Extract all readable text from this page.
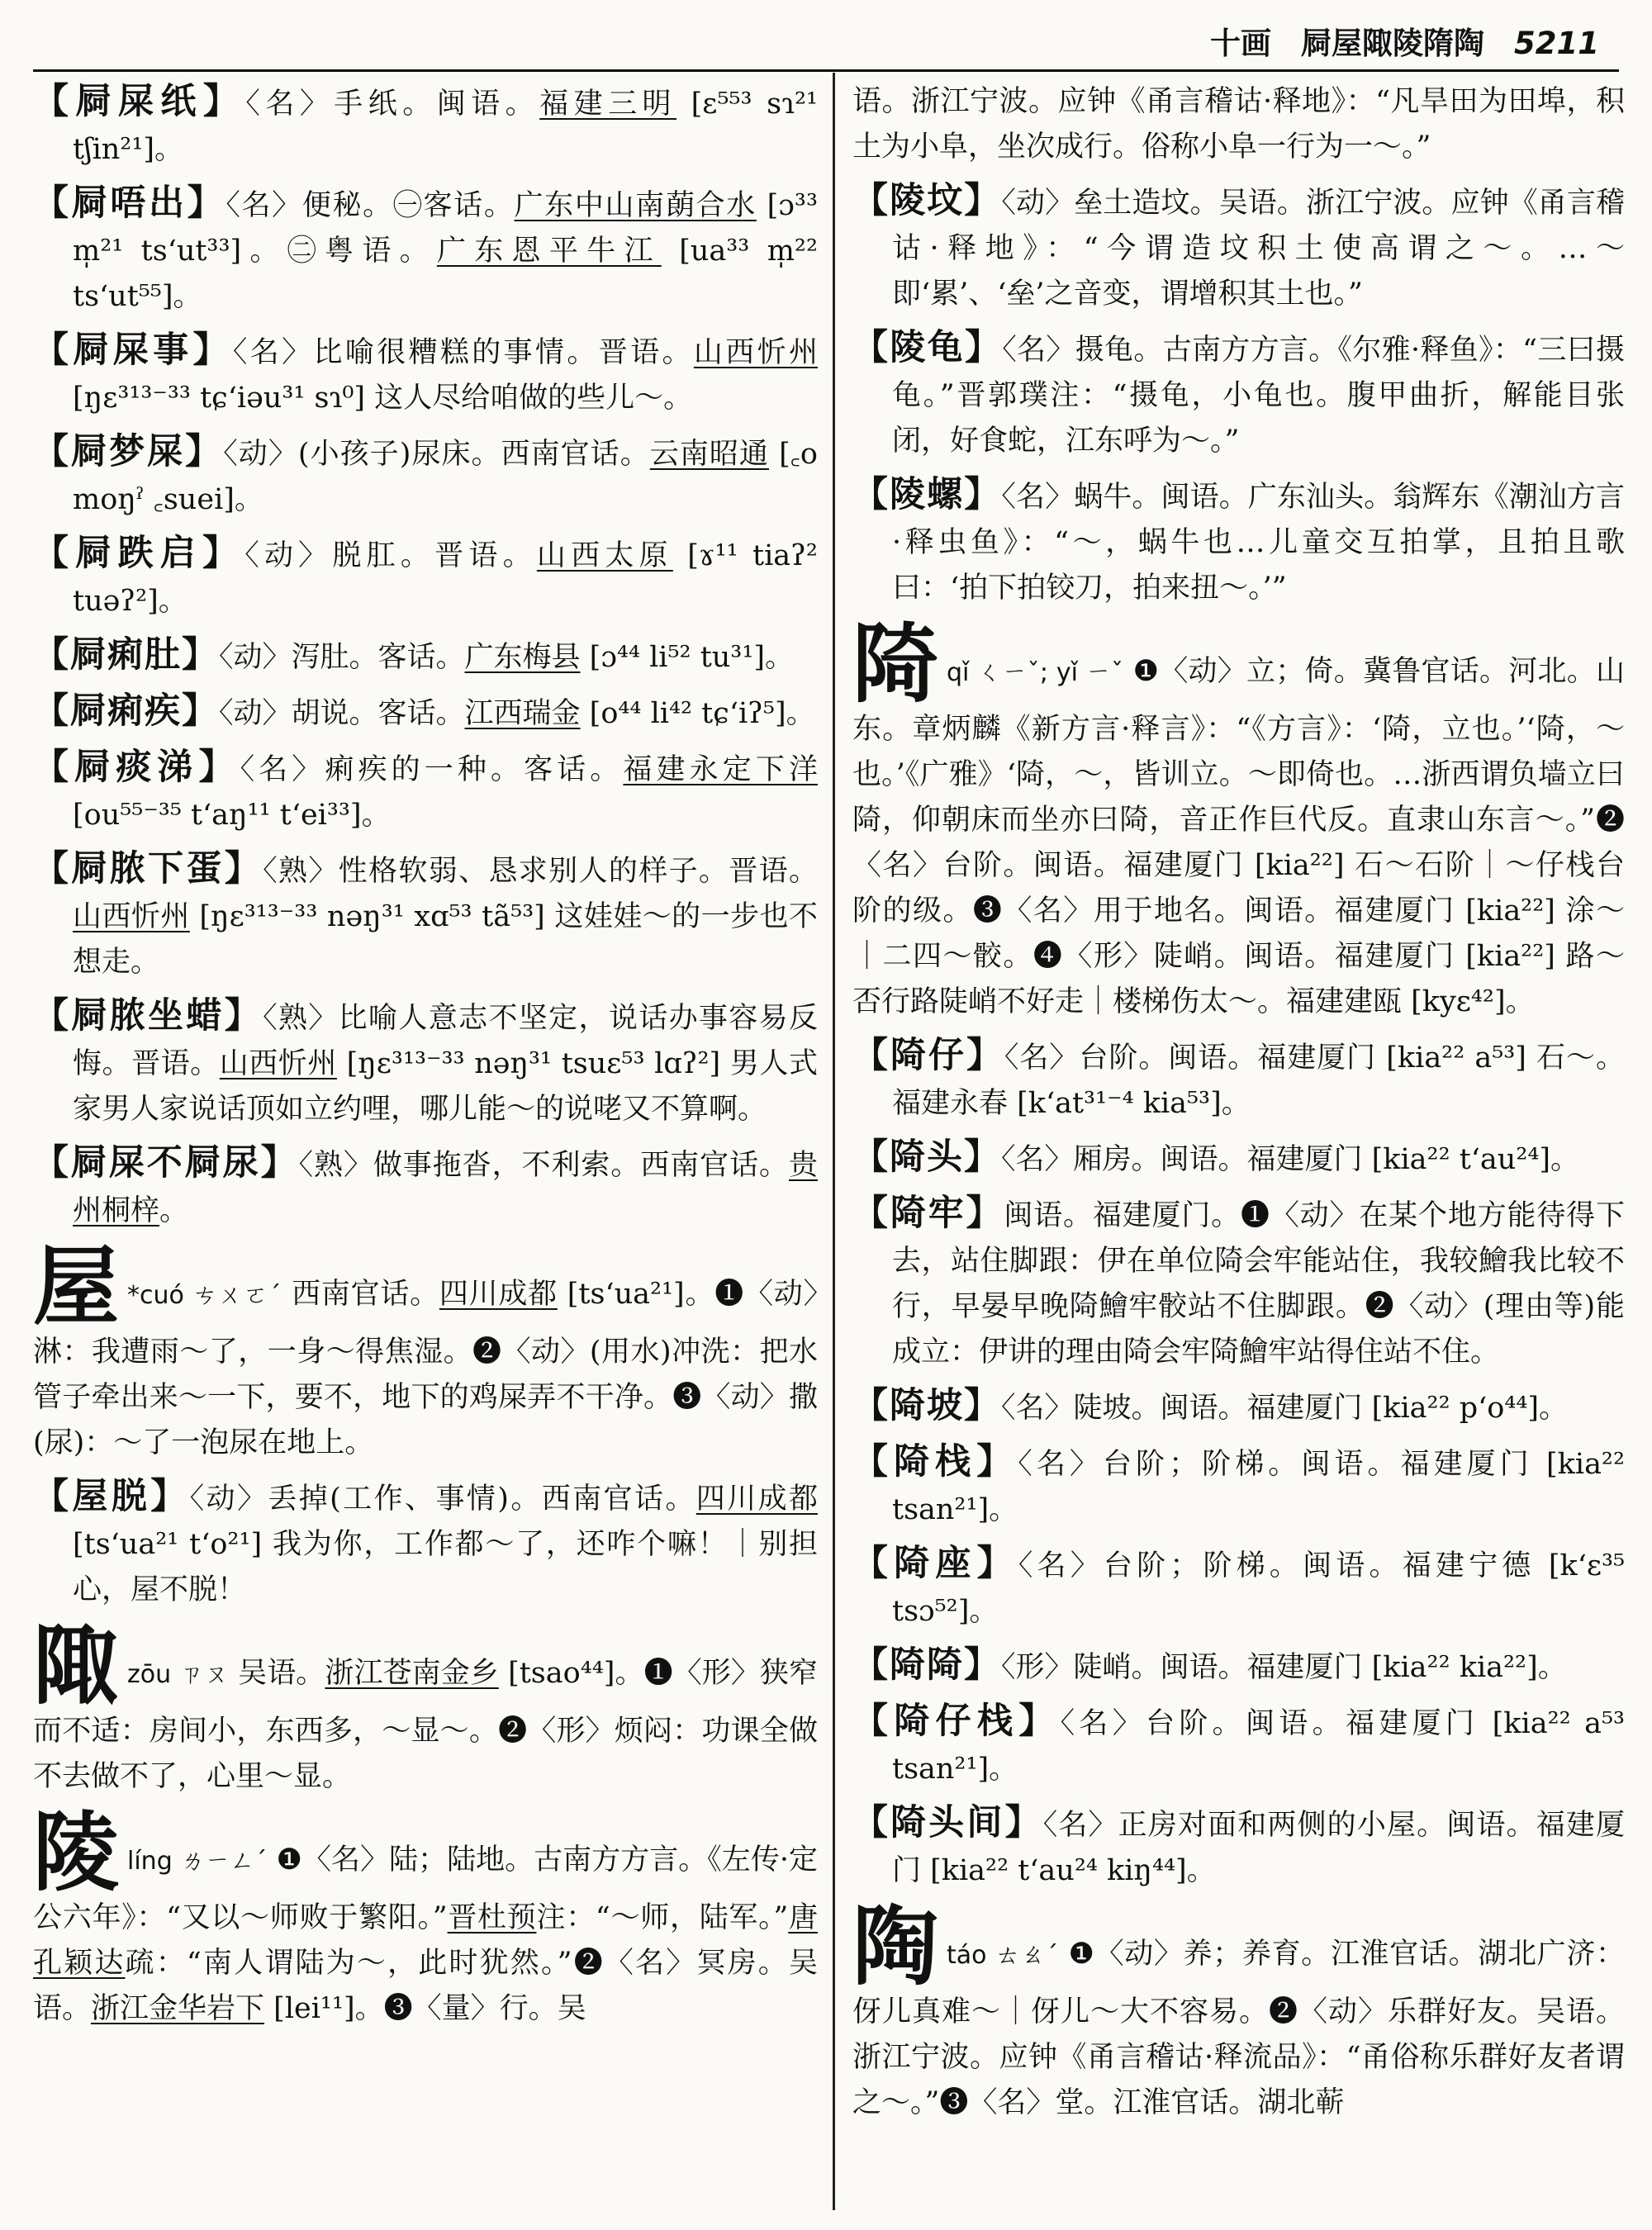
十画 屙屋陬陵隋陶 5211
【屙屎纸】〈名〉手纸。闽语。福建三明 [ɛ⁵⁵³ sɿ²¹ tʃin²¹]。
【屙唔出】〈名〉便秘。㊀客话。广东中山南蓢合水 [ɔ³³ m̩²¹ tsʻut³³]。㊁粤语。广东恩平牛江 [ua³³ m̩²² tsʻut⁵⁵]。
【屙屎事】〈名〉比喻很糟糕的事情。晋语。山西忻州 [ŋɛ³¹³⁻³³ tɕʻiəu³¹ sɿ⁰] 这人尽给咱做的些儿～。
【屙梦屎】〈动〉(小孩子)尿床。西南官话。云南昭通 [꜀o moŋˀ ꜀suei]。
【屙跌启】〈动〉脱肛。晋语。山西太原 [ɤ¹¹ tiaʔ² tuəʔ²]。
【屙痢肚】〈动〉泻肚。客话。广东梅县 [ɔ⁴⁴ li⁵² tu³¹]。
【屙痢疾】〈动〉胡说。客话。江西瑞金 [o⁴⁴ li⁴² tɕʻiʔ⁵]。
【屙痰涕】〈名〉痢疾的一种。客话。福建永定下洋 [ou⁵⁵⁻³⁵ tʻaŋ¹¹ tʻei³³]。
【屙脓下蛋】〈熟〉性格软弱、恳求别人的样子。晋语。山西忻州 [ŋɛ³¹³⁻³³ nəŋ³¹ xɑ⁵³ tã⁵³] 这娃娃～的一步也不想走。
【屙脓坐蜡】〈熟〉比喻人意志不坚定，说话办事容易反悔。晋语。山西忻州 [ŋɛ³¹³⁻³³ nəŋ³¹ tsuɛ⁵³ lɑʔ²] 男人式家男人家说话顶如立约哩，哪儿能～的说咾又不算啊。
【屙屎不屙尿】〈熟〉做事拖沓，不利索。西南官话。贵州桐梓。
屋 *cuó ㄘㄨㄛˊ 西南官话。四川成都 [tsʻua²¹]。❶〈动〉淋：我遭雨～了，一身～得焦湿。❷〈动〉(用水)冲洗：把水管子牵出来～一下，要不，地下的鸡屎弄不干净。❸〈动〉撒(尿)：～了一泡尿在地上。
【屋脱】〈动〉丢掉(工作、事情)。西南官话。四川成都 [tsʻua²¹ tʻo²¹] 我为你，工作都～了，还咋个嘛！｜别担心，屋不脱！
陬zōu ㄗㄡ 吴语。浙江苍南金乡 [tsao⁴⁴]。❶〈形〉狭窄而不适：房间小，东西多，～显～。❷〈形〉烦闷：功课全做不去做不了，心里～显。
陵líng ㄌㄧㄥˊ ❶〈名〉陆；陆地。古南方方言。《左传·定公六年》：“又以～师败于繁阳。”晋杜预注：“～师，陆军。”唐孔颖达疏：“南人谓陆为～，此时犹然。”❷〈名〉冥房。吴语。浙江金华岩下 [lei¹¹]。❸〈量〉行。吴
语。浙江宁波。应钟《甬言稽诂·释地》：“凡旱田为田埠，积土为小阜，坐次成行。俗称小阜一行为一～。”
【陵坟】〈动〉垒土造坟。吴语。浙江宁波。应钟《甬言稽诂·释地》：“今谓造坟积土使高谓之～。…～即‘累’、‘垒’之音变，谓增积其土也。”
【陵龟】〈名〉摄龟。古南方方言。《尔雅·释鱼》：“三曰摄龟。”晋郭璞注：“摄龟，小龟也。腹甲曲折，解能目张闭，好食蛇，江东呼为～。”
【陵螺】〈名〉蜗牛。闽语。广东汕头。翁辉东《潮汕方言·释虫鱼》：“～，蜗牛也…儿童交互拍掌，且拍且歌曰：‘拍下拍铰刀，拍来扭～。’”
陭qǐ ㄑㄧˇ; yǐ ㄧˇ ❶〈动〉立；倚。冀鲁官话。河北。山东。章炳麟《新方言·释言》：“《方言》：‘陭，立也。’‘陭，～也。’《广雅》‘陭，～，皆训立。～即倚也。…浙西谓负墙立曰陭，仰朝床而坐亦曰陭，音正作巨代反。直隶山东言～。”❷〈名〉台阶。闽语。福建厦门 [kia²²] 石～石阶｜～仔栈台阶的级。❸〈名〉用于地名。闽语。福建厦门 [kia²²] 涂～｜二四～骹。❹〈形〉陡峭。闽语。福建厦门 [kia²²] 路～否行路陡峭不好走｜楼梯伤太～。福建建瓯 [kyɛ⁴²]。
【陭仔】〈名〉台阶。闽语。福建厦门 [kia²² a⁵³] 石～。福建永春 [kʻat³¹⁻⁴ kia⁵³]。
【陭头】〈名〉厢房。闽语。福建厦门 [kia²² tʻau²⁴]。
【陭牢】闽语。福建厦门。❶〈动〉在某个地方能待得下去，站住脚跟：伊在单位陭会牢能站住，我较鱠我比较不行，早晏早晚陭鱠牢骹站不住脚跟。❷〈动〉(理由等)能成立：伊讲的理由陭会牢陭鱠牢站得住站不住。
【陭坡】〈名〉陡坡。闽语。福建厦门 [kia²² pʻo⁴⁴]。
【陭栈】〈名〉台阶；阶梯。闽语。福建厦门 [kia²² tsan²¹]。
【陭座】〈名〉台阶；阶梯。闽语。福建宁德 [kʻɛ³⁵ tsɔ⁵²]。
【陭陭】〈形〉陡峭。闽语。福建厦门 [kia²² kia²²]。
【陭仔栈】〈名〉台阶。闽语。福建厦门 [kia²² a⁵³ tsan²¹]。
【陭头间】〈名〉正房对面和两侧的小屋。闽语。福建厦门 [kia²² tʻau²⁴ kiŋ⁴⁴]。
陶táo ㄊㄠˊ ❶〈动〉养；养育。江淮官话。湖北广济：伢儿真难～｜伢儿～大不容易。❷〈动〉乐群好友。吴语。浙江宁波。应钟《甬言稽诂·释流品》：“甬俗称乐群好友者谓之～。”❸〈名〉堂。江淮官话。湖北蕲
